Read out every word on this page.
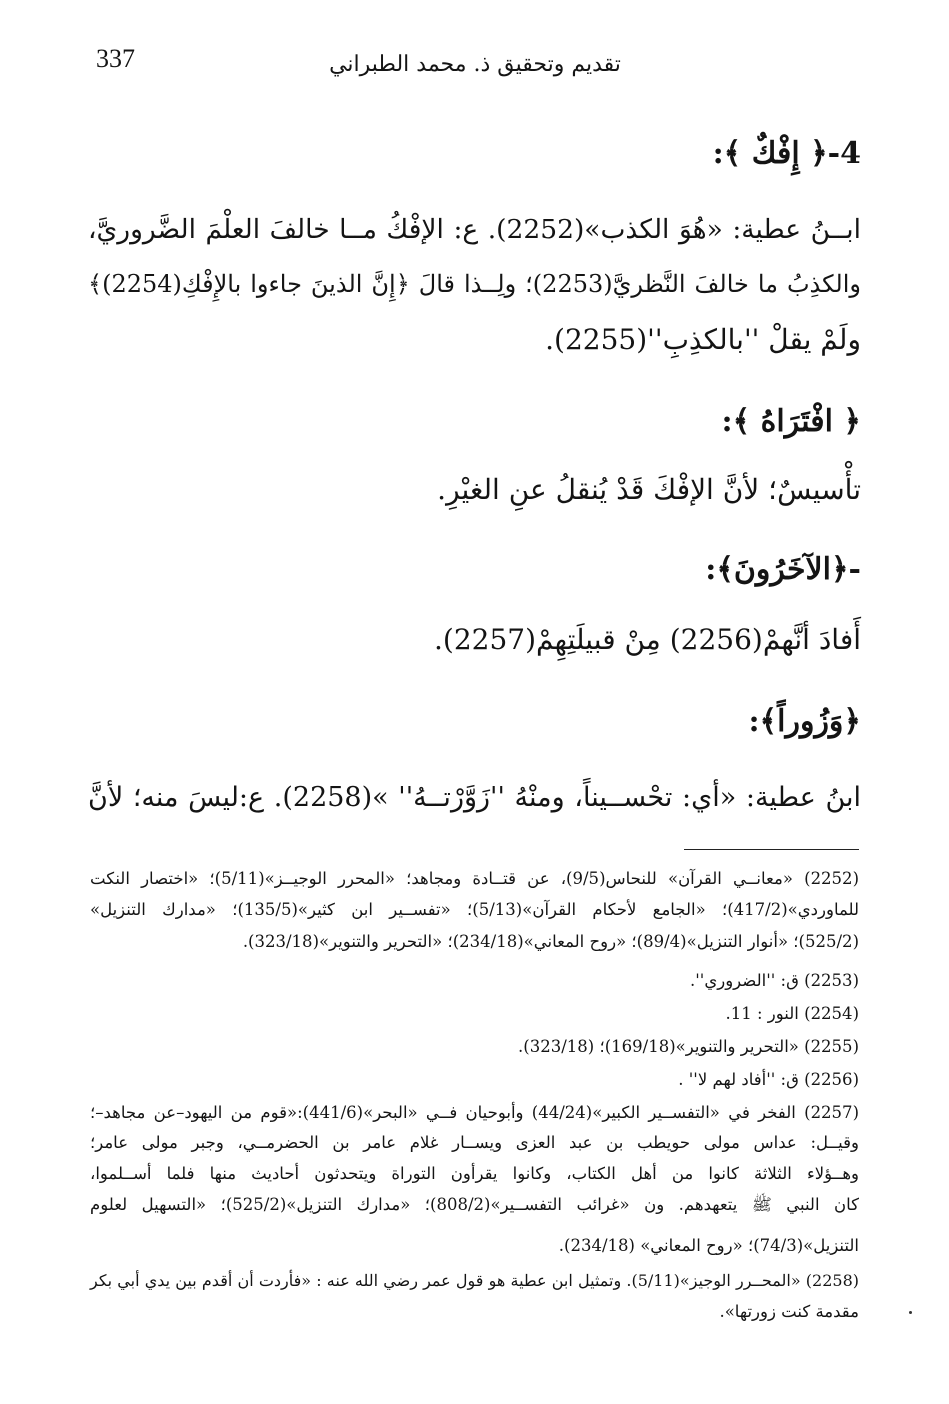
337	تقديم وتحقيق ذ. محمد الطبراني
4-﴿ إِفْكٌ ﴾:
ابــنُ عطية: «هُوَ الكذب»(2252). ع: الإفْكُ مــا خالفَ العلْمَ الضَّروريَّ،
والكذِبُ ما خالفَ النَّظريَّ(2253)؛ ولِــذا قالَ ﴿إِنَّ الذينَ جاءوا بالإِفْكِ(2254)﴾
ولَمْ يقلْ ''بالكذِبِ''(2255).
﴿ افْتَرَاهُ ﴾:
تأْسيسٌ؛ لأنَّ الإفْكَ قَدْ يُنقلُ عنِ الغيْرِ.
-﴿الآخَرُونَ﴾:
أَفادَ أنَّهمْ(2256) مِنْ قبيلَتِهِمْ(2257).
﴿وَزُوراً﴾:
ابنُ عطية: «أي: تحْســيناً، ومنْهُ ''زَوَّرْتــهُ'' »(2258). ع:ليسَ منه؛ لأنَّ
(2252) «معانــي القرآن» للنحاس(9/5)، عن قتــادة ومجاهد؛ «المحرر الوجيــز»(5/11)؛ «اختصار النكت
للماوردي»(417/2)؛ «الجامع لأحكام القرآن»(5/13)؛ «تفســير ابن كثير»(135/5)؛ «مدارك التنزيل»
(525/2)؛ «أنوار التنزيل»(89/4)؛ «روح المعاني»(234/18)؛ «التحرير والتنوير»(323/18).
(2253) ق: ''الضروري''.
(2254) النور : 11.
(2255) «التحرير والتنوير»(169/18)؛ (323/18).
(2256) ق: ''أفاد لهم لا'' .
(2257) الفخر في «التفســير الكبير»(44/24) وأبوحيان فــي «البحر»(441/6):«قوم من اليهود–عن مجاهد–؛
وقيــل: عداس مولى حويطب بن عبد العزى ويســار غلام عامر بن الحضرمــي، وجبر مولى عامر؛
وهــؤلاء الثلاثة كانوا من أهل الكتاب، وكانوا يقرأون التوراة ويتحدثون أحاديث منها فلما أســلموا،
كان النبي ﷺ يتعهدهم. ون «غرائب التفســير»(808/2)؛ «مدارك التنزيل»(525/2)؛ «التسهيل لعلوم
التنزيل»(74/3)؛ «روح المعاني» (234/18).
(2258) «المحــرر الوجيز»(5/11). وتمثيل ابن عطية هو قول عمر رضي الله عنه : «فأردت أن أقدم بين يدي أبي بكر
مقدمة كنت زورتها».
